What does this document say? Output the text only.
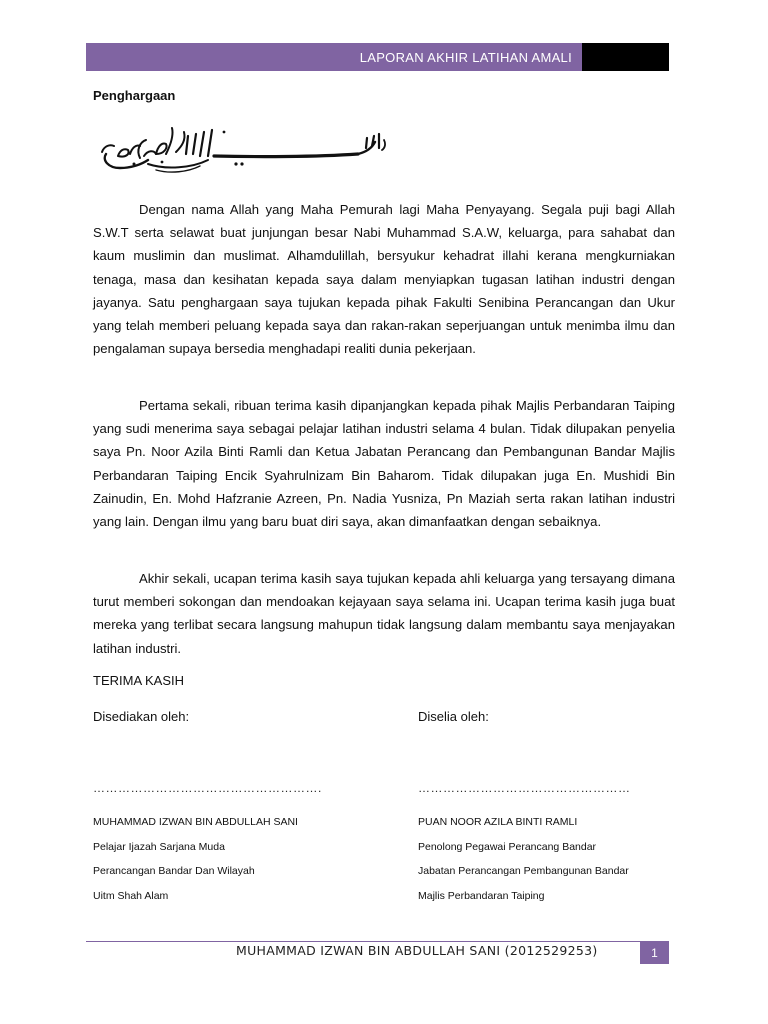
LAPORAN AKHIR LATIHAN AMALI
Penghargaan

Dengan nama Allah yang Maha Pemurah lagi Maha Penyayang. Segala puji bagi Allah S.W.T serta selawat buat junjungan besar Nabi Muhammad S.A.W, keluarga, para sahabat dan kaum muslimin dan muslimat. Alhamdulillah, bersyukur kehadrat illahi kerana mengkurniakan tenaga, masa dan kesihatan kepada saya dalam menyiapkan tugasan latihan industri dengan jayanya. Satu penghargaan saya tujukan kepada pihak Fakulti Senibina Perancangan dan Ukur yang telah memberi peluang kepada saya dan rakan-rakan seperjuangan untuk menimba ilmu dan pengalaman supaya bersedia menghadapi realiti dunia pekerjaan.

Pertama sekali, ribuan terima kasih dipanjangkan kepada pihak Majlis Perbandaran Taiping yang sudi menerima saya sebagai pelajar latihan industri selama 4 bulan. Tidak dilupakan penyelia saya Pn. Noor Azila Binti Ramli dan Ketua Jabatan Perancang dan Pembangunan Bandar Majlis Perbandaran Taiping Encik Syahrulnizam Bin Baharom. Tidak dilupakan juga En. Mushidi Bin Zainudin, En. Mohd Hafzranie Azreen, Pn. Nadia Yusniza, Pn Maziah serta rakan latihan industri yang lain. Dengan ilmu yang baru buat diri saya, akan dimanfaatkan dengan sebaiknya.

Akhir sekali, ucapan terima kasih saya tujukan kepada ahli keluarga yang tersayang dimana turut memberi sokongan dan mendoakan kejayaan saya selama ini. Ucapan terima kasih juga buat mereka yang terlibat secara langsung mahupun tidak langsung dalam membantu saya menjayakan latihan industri.

TERIMA KASIH
Disediakan oleh:
……………………………………………….
MUHAMMAD IZWAN BIN ABDULLAH SANI
Pelajar Ijazah Sarjana Muda
Perancangan Bandar Dan Wilayah
Uitm Shah Alam
Diselia oleh:
……………………………………………
PUAN NOOR AZILA BINTI RAMLI
Penolong Pegawai Perancang Bandar
Jabatan Perancangan Pembangunan Bandar
Majlis Perbandaran Taiping
MUHAMMAD IZWAN BIN ABDULLAH SANI (2012529253)	1
